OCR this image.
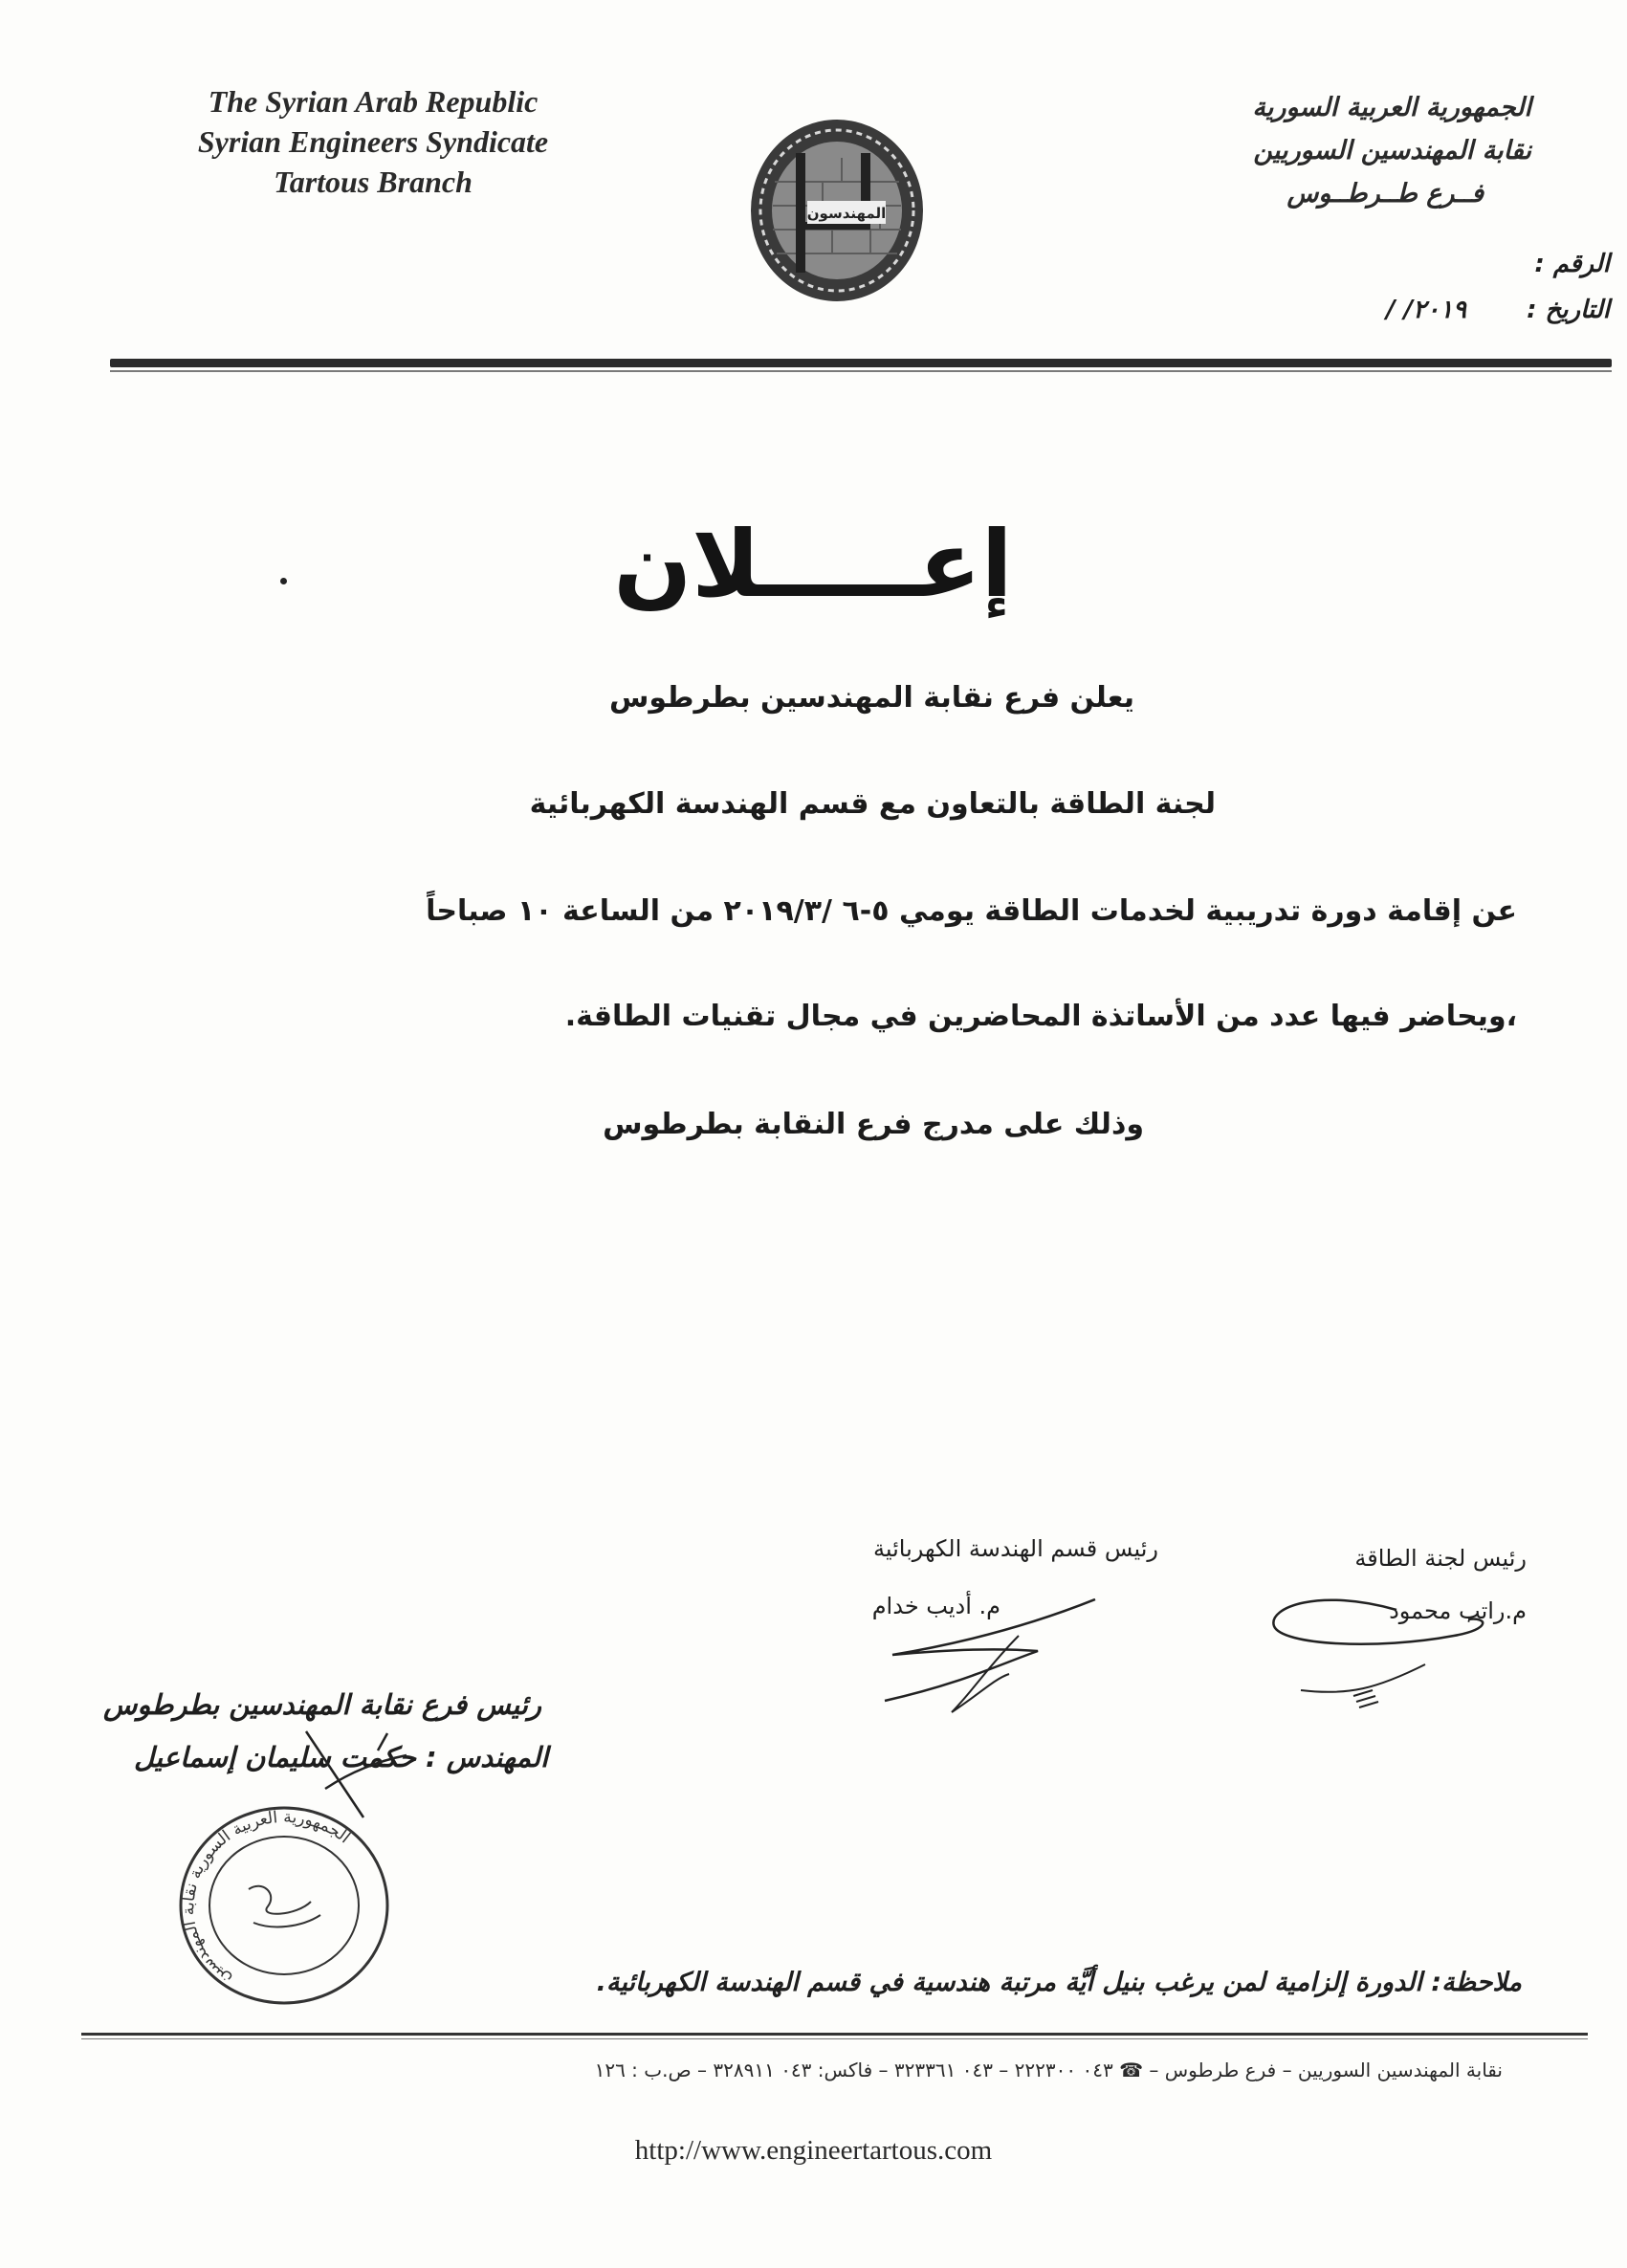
The Syrian Arab Republic
Syrian Engineers Syndicate
Tartous Branch
المهندسون
الجمهورية العربية السورية
نقابة المهندسين السوريين
فــرع طــرطــوس
الرقم :
التاريخ :
/ /٢٠١٩
إعـــــلان
يعلن فرع نقابة المهندسين بطرطوس
لجنة الطاقة بالتعاون مع قسم الهندسة الكهربائية
عن إقامة دورة تدريبية لخدمات الطاقة يومي ٥-٦ /٢٠١٩/٣ من الساعة ١٠ صباحاً
،ويحاضر فيها عدد من الأساتذة المحاضرين في مجال تقنيات الطاقة.
وذلك على مدرج فرع النقابة بطرطوس
رئيس لجنة الطاقة
م.راتب محمود
رئيس قسم الهندسة الكهربائية
م. أديب خدام
رئيس فرع نقابة المهندسين بطرطوس
المهندس : حكمت سليمان إسماعيل
الجمهورية العربية السورية نقابة المهندسين
ملاحظة: الدورة إلزامية لمن يرغب بنيل أيَّة مرتبة هندسية في قسم الهندسة الكهربائية.
نقابة المهندسين السوريين – فرع طرطوس – ☎ ٠٤٣ ٢٢٢٣٠٠ – ٠٤٣ ٣٢٣٣٦١ – فاكس: ٠٤٣ ٣٢٨٩١١ – ص.ب : ١٢٦
http://www.engineertartous.com
